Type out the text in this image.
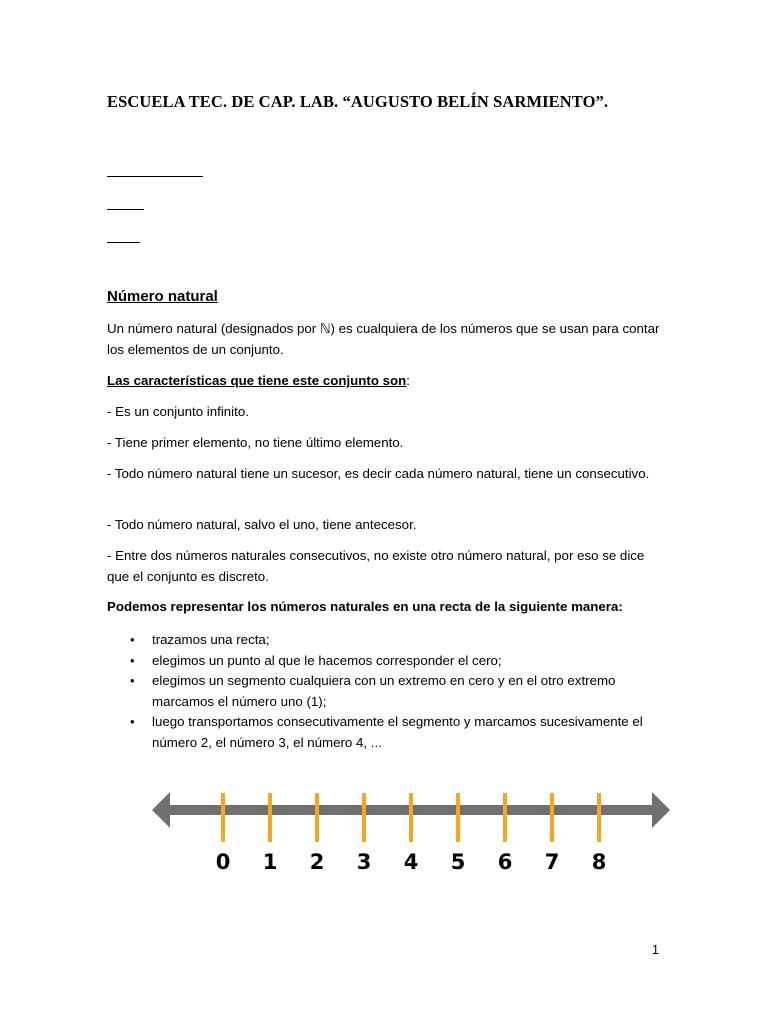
ESCUELA TEC. DE CAP. LAB. “AUGUSTO BELÍN SARMIENTO”.
Número natural
Un número natural (designados por ℕ) es cualquiera de los números que se usan para contar los elementos de un conjunto.
Las características que tiene este conjunto son:
- Es un conjunto infinito.
- Tiene primer elemento, no tiene último elemento.
- Todo número natural tiene un sucesor, es decir cada número natural, tiene un consecutivo.
- Todo número natural, salvo el uno, tiene antecesor.
- Entre dos números naturales consecutivos, no existe otro número natural, por eso se dice que el conjunto es discreto.
Podemos representar los números naturales en una recta de la siguiente manera:
• trazamos una recta;
• elegimos un punto al que le hacemos corresponder el cero;
• elegimos un segmento cualquiera con un extremo en cero y en el otro extremo marcamos el número uno (1);
• luego transportamos consecutivamente el segmento y marcamos sucesivamente el número 2, el número 3, el número 4, ...
0 1 2 3 4 5 6 7 8
1
